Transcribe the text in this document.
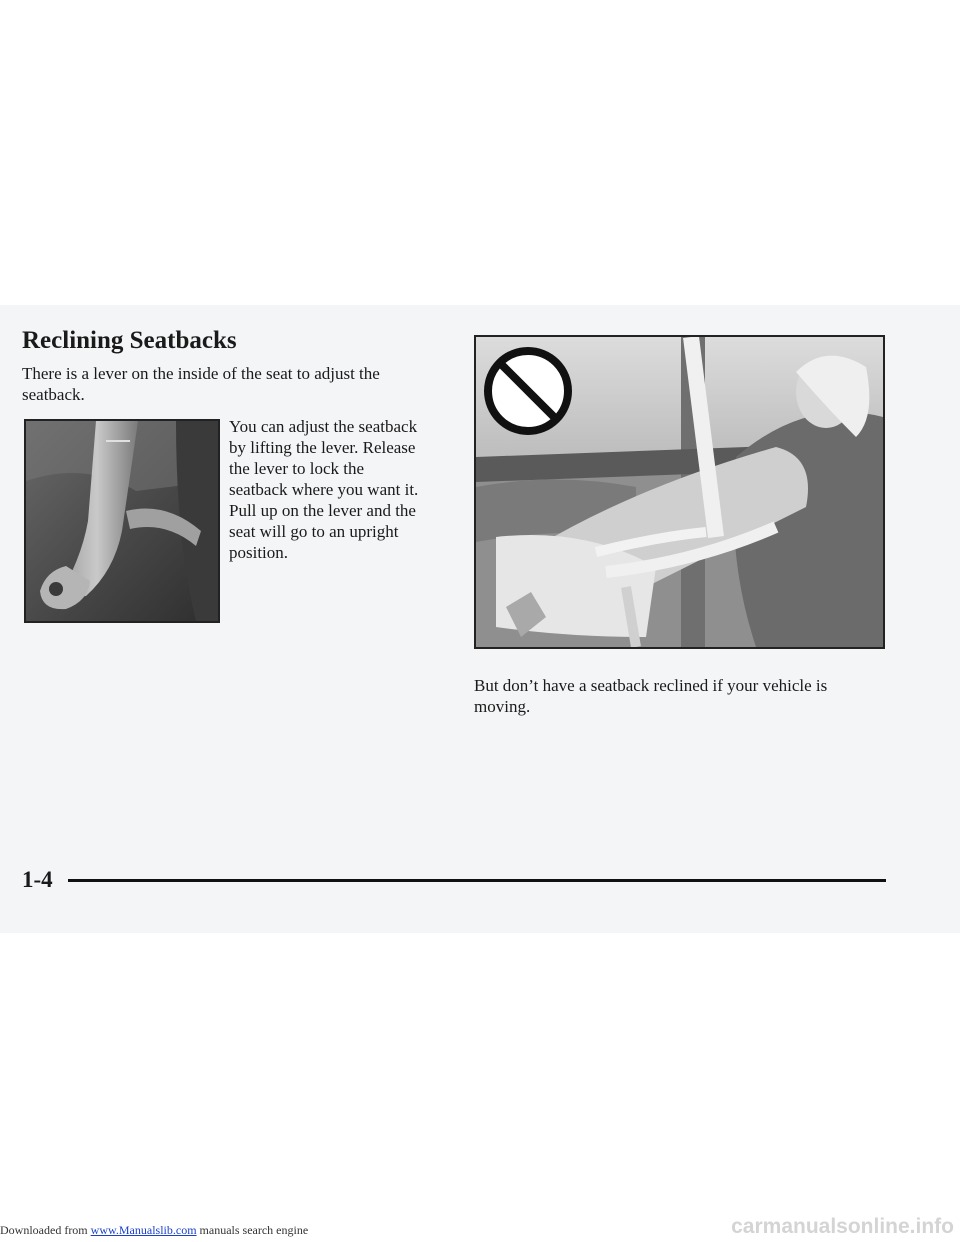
Reclining Seatbacks

There is a lever on the inside of the seat to adjust the seatback.

You can adjust the seatback by lifting the lever. Release the lever to lock the seatback where you want it. Pull up on the lever and the seat will go to an upright position.

But don’t have a seatback reclined if your vehicle is moving.

1-4

Downloaded from www.Manualslib.com manuals search engine	carmanualsonline.info
